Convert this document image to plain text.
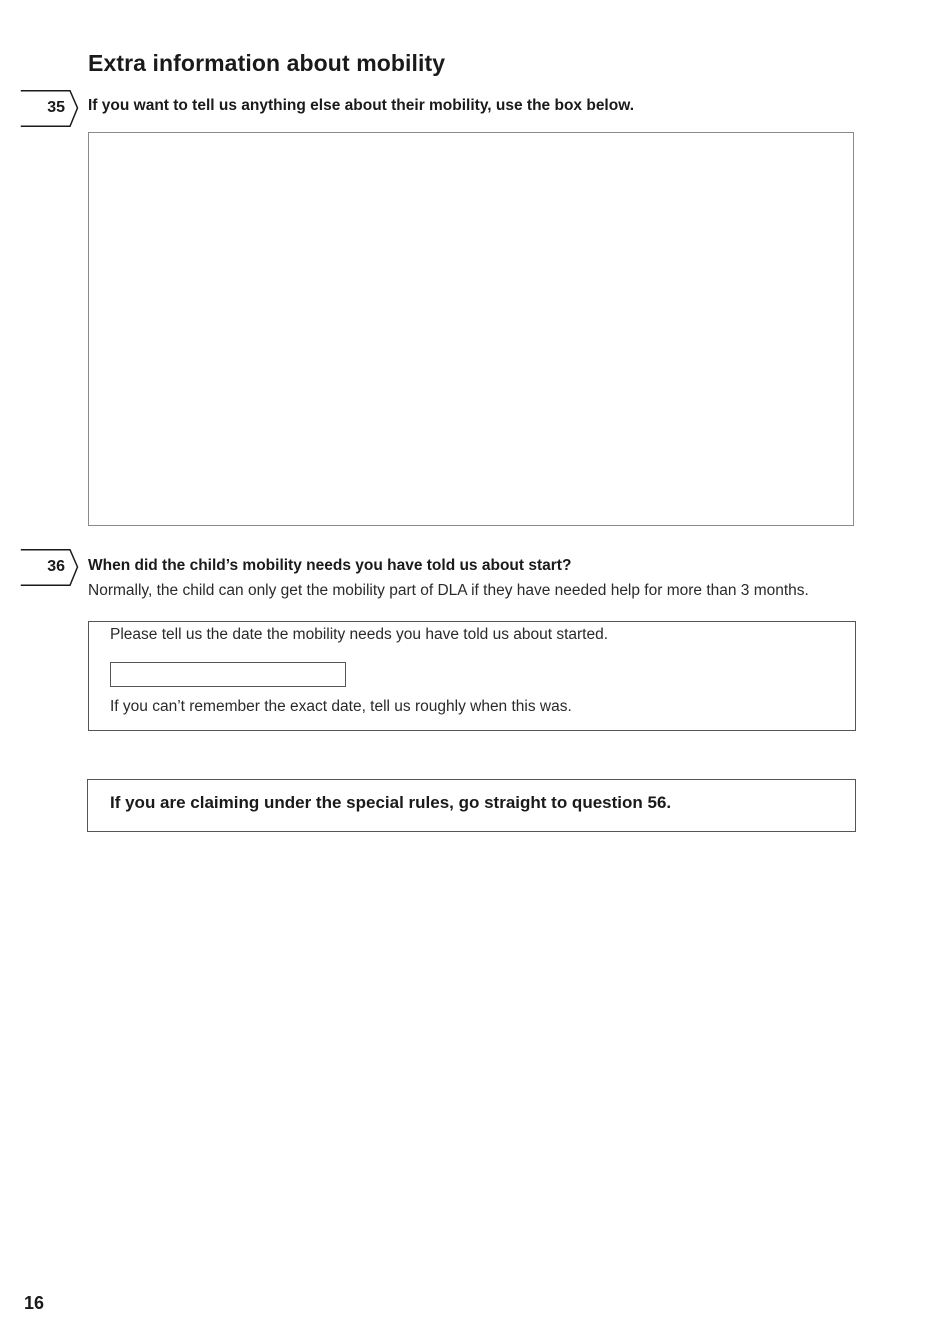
Extra information about mobility
35 If you want to tell us anything else about their mobility, use the box below.

36 When did the child’s mobility needs you have told us about start?

Normally, the child can only get the mobility part of DLA if they have needed help for more than 3 months.

Please tell us the date the mobility needs you have told us about started.
If you can’t remember the exact date, tell us roughly when this was.
If you are claiming under the special rules, go straight to question 56.
16
